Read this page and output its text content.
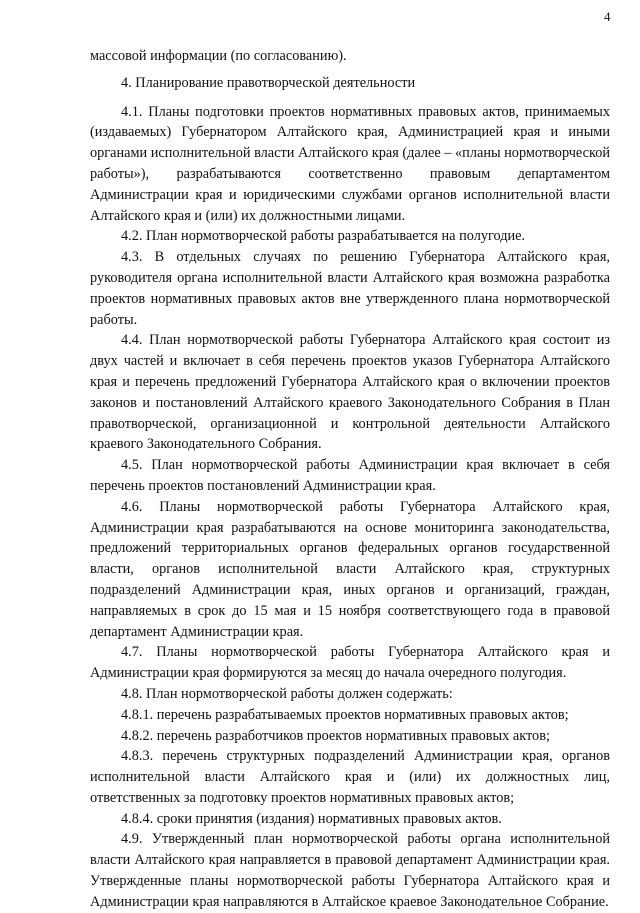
4

массовой информации (по согласованию).

4. Планирование правотворческой деятельности

4.1. Планы подготовки проектов нормативных правовых актов, принимаемых (издаваемых) Губернатором Алтайского края, Администрацией края и иными органами исполнительной власти Алтайского края (далее – «планы нормотворческой работы»), разрабатываются соответственно правовым департаментом Администрации края и юридическими службами органов исполнительной власти Алтайского края и (или) их должностными лицами.

4.2. План нормотворческой работы разрабатывается на полугодие.

4.3. В отдельных случаях по решению Губернатора Алтайского края, руководителя органа исполнительной власти Алтайского края возможна разработка проектов нормативных правовых актов вне утвержденного плана нормотворческой работы.

4.4. План нормотворческой работы Губернатора Алтайского края состоит из двух частей и включает в себя перечень проектов указов Губернатора Алтайского края и перечень предложений Губернатора Алтайского края о включении проектов законов и постановлений Алтайского краевого Законодательного Собрания в План правотворческой, организационной и контрольной деятельности Алтайского краевого Законодательного Собрания.

4.5. План нормотворческой работы Администрации края включает в себя перечень проектов постановлений Администрации края.

4.6. Планы нормотворческой работы Губернатора Алтайского края, Администрации края разрабатываются на основе мониторинга законодательства, предложений территориальных органов федеральных органов государственной власти, органов исполнительной власти Алтайского края, структурных подразделений Администрации края, иных органов и организаций, граждан, направляемых в срок до 15 мая и 15 ноября соответствующего года в правовой департамент Администрации края.

4.7. Планы нормотворческой работы Губернатора Алтайского края и Администрации края формируются за месяц до начала очередного полугодия.

4.8. План нормотворческой работы должен содержать:

4.8.1. перечень разрабатываемых проектов нормативных правовых актов;

4.8.2. перечень разработчиков проектов нормативных правовых актов;

4.8.3. перечень структурных подразделений Администрации края, органов исполнительной власти Алтайского края и (или) их должностных лиц, ответственных за подготовку проектов нормативных правовых актов;

4.8.4. сроки принятия (издания) нормативных правовых актов.

4.9. Утвержденный план нормотворческой работы органа исполнительной власти Алтайского края направляется в правовой департамент Администрации края. Утвержденные планы нормотворческой работы Губернатора Алтайского края и Администрации края направляются в Алтайское краевое Законодательное Собрание.
